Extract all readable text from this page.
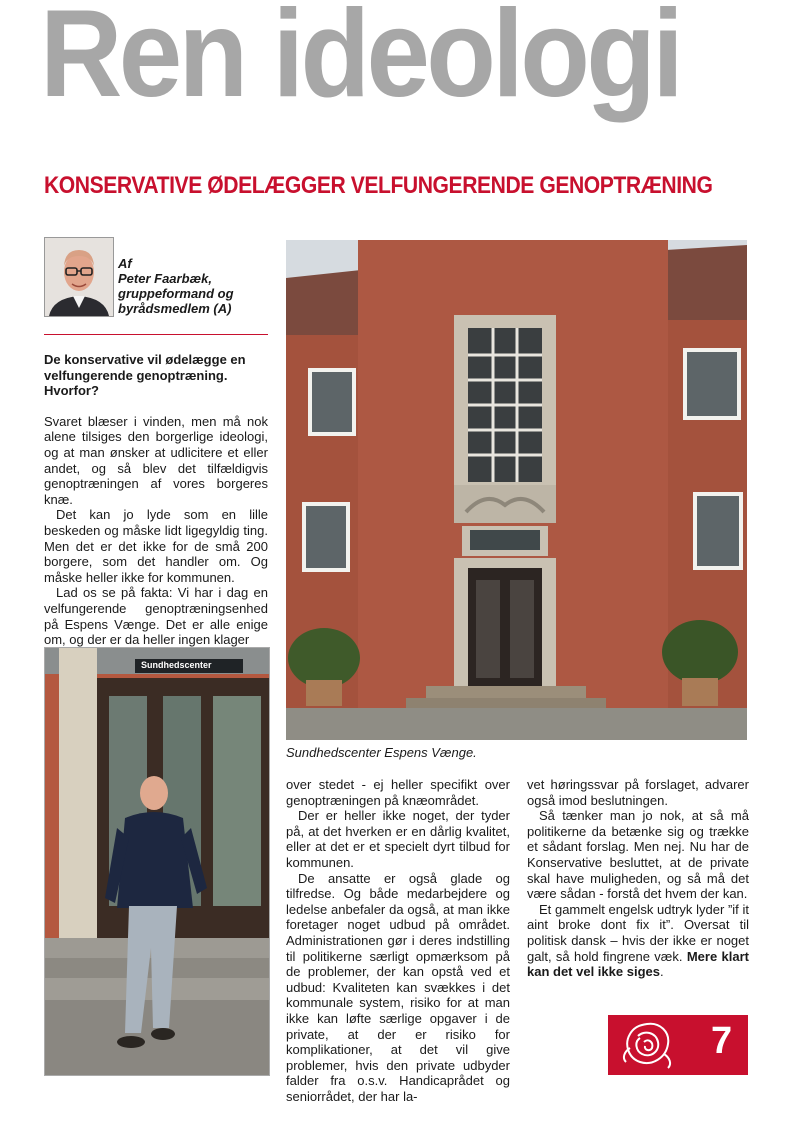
Ren ideologi
KONSERVATIVE ØDELÆGGER VELFUNGERENDE GENOPTRÆNING
Af
Peter Faarbæk,
gruppeformand og
byrådsmedlem (A)

De konservative vil ødelægge en velfungerende genoptræning. Hvorfor?

Svaret blæser i vinden, men må nok alene tilsiges den borgerlige ideologi, og at man ønsker at udlicitere et eller andet, og så blev det tilfældigvis genoptræningen af vores borgeres knæ.

Det kan jo lyde som en lille beskeden og måske lidt ligegyldig ting. Men det er det ikke for de små 200 borgere, som det handler om. Og måske heller ikke for kommunen.

Lad os se på fakta: Vi har i dag en velfungerende genoptræningsenhed på Espens Vænge. Det er alle enige om, og der er da heller ingen klager

Sundhedscenter Espens Vænge.
Sundhedscenter

over stedet - ej heller specifikt over genoptræningen på knæområdet.

Der er heller ikke noget, der tyder på, at det hverken er en dårlig kvalitet, eller at det er et specielt dyrt tilbud for kommunen.

De ansatte er også glade og tilfredse. Og både medarbejdere og ledelse anbefaler da også, at man ikke foretager noget udbud på området. Administrationen gør i deres indstilling til politikerne særligt opmærksom på de problemer, der kan opstå ved et udbud: Kvaliteten kan svækkes i det kommunale system, risiko for at man ikke kan løfte særlige opgaver i de private, at der er risiko for komplikationer, at det vil give problemer, hvis den private udbyder falder fra o.s.v. Handicaprådet og seniorrådet, der har la-

vet høringssvar på forslaget, advarer også imod beslutningen.

Så tænker man jo nok, at så må politikerne da betænke sig og trække et sådant forslag. Men nej. Nu har de Konservative besluttet, at de private skal have muligheden, og så må det være sådan - forstå det hvem der kan.

Et gammelt engelsk udtryk lyder ”if it aint broke dont fix it”. Oversat til politisk dansk – hvis der ikke er noget galt, så hold fingrene væk. Mere klart kan det vel ikke siges.

7
